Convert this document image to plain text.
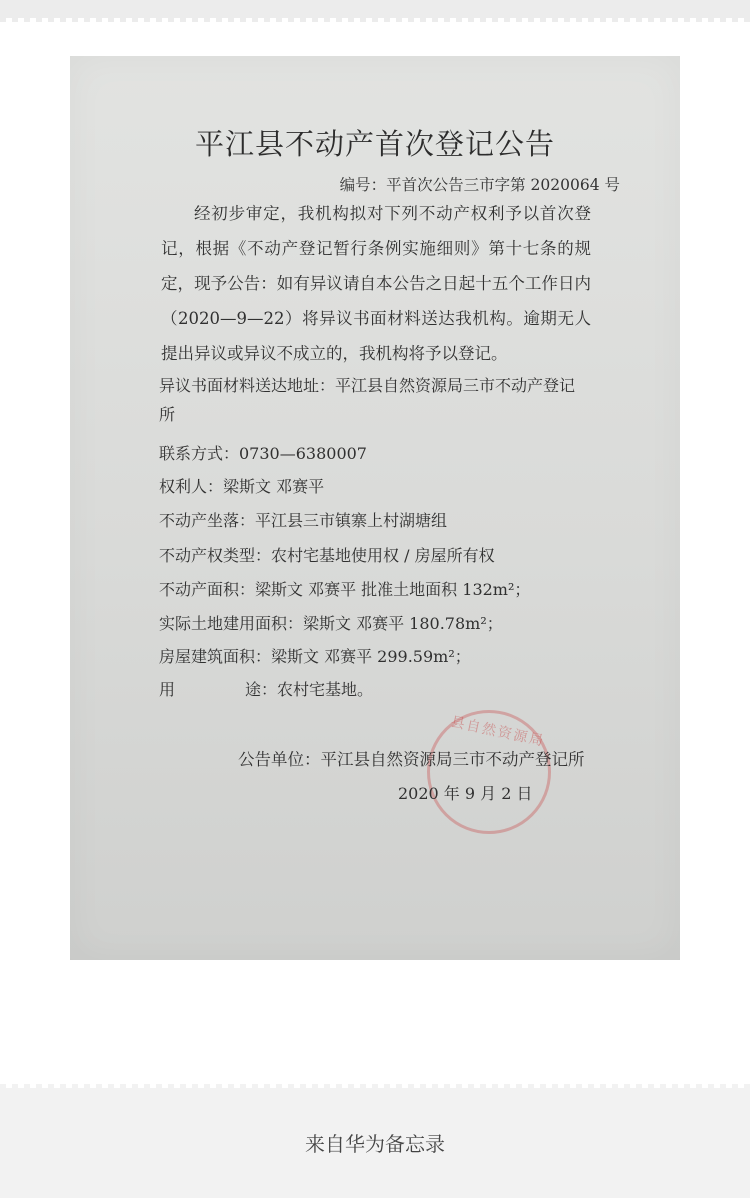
平江县不动产首次登记公告
编号：平首次公告三市字第 2020064 号
经初步审定，我机构拟对下列不动产权利予以首次登记，根据《不动产登记暂行条例实施细则》第十七条的规定，现予公告：如有异议请自本公告之日起十五个工作日内（2020—9—22）将异议书面材料送达我机构。逾期无人提出异议或异议不成立的，我机构将予以登记。
异议书面材料送达地址：平江县自然资源局三市不动产登记
所
联系方式：0730—6380007
权利人：梁斯文 邓赛平
不动产坐落：平江县三市镇寨上村湖塘组
不动产权类型：农村宅基地使用权 / 房屋所有权
不动产面积：梁斯文 邓赛平 批准土地面积 132m²；
实际土地建用面积：梁斯文 邓赛平 180.78m²；
房屋建筑面积：梁斯文 邓赛平 299.59m²；
用	途：农村宅基地。
县自然资源局
公告单位：平江县自然资源局三市不动产登记所
2020 年 9 月 2 日
来自华为备忘录
